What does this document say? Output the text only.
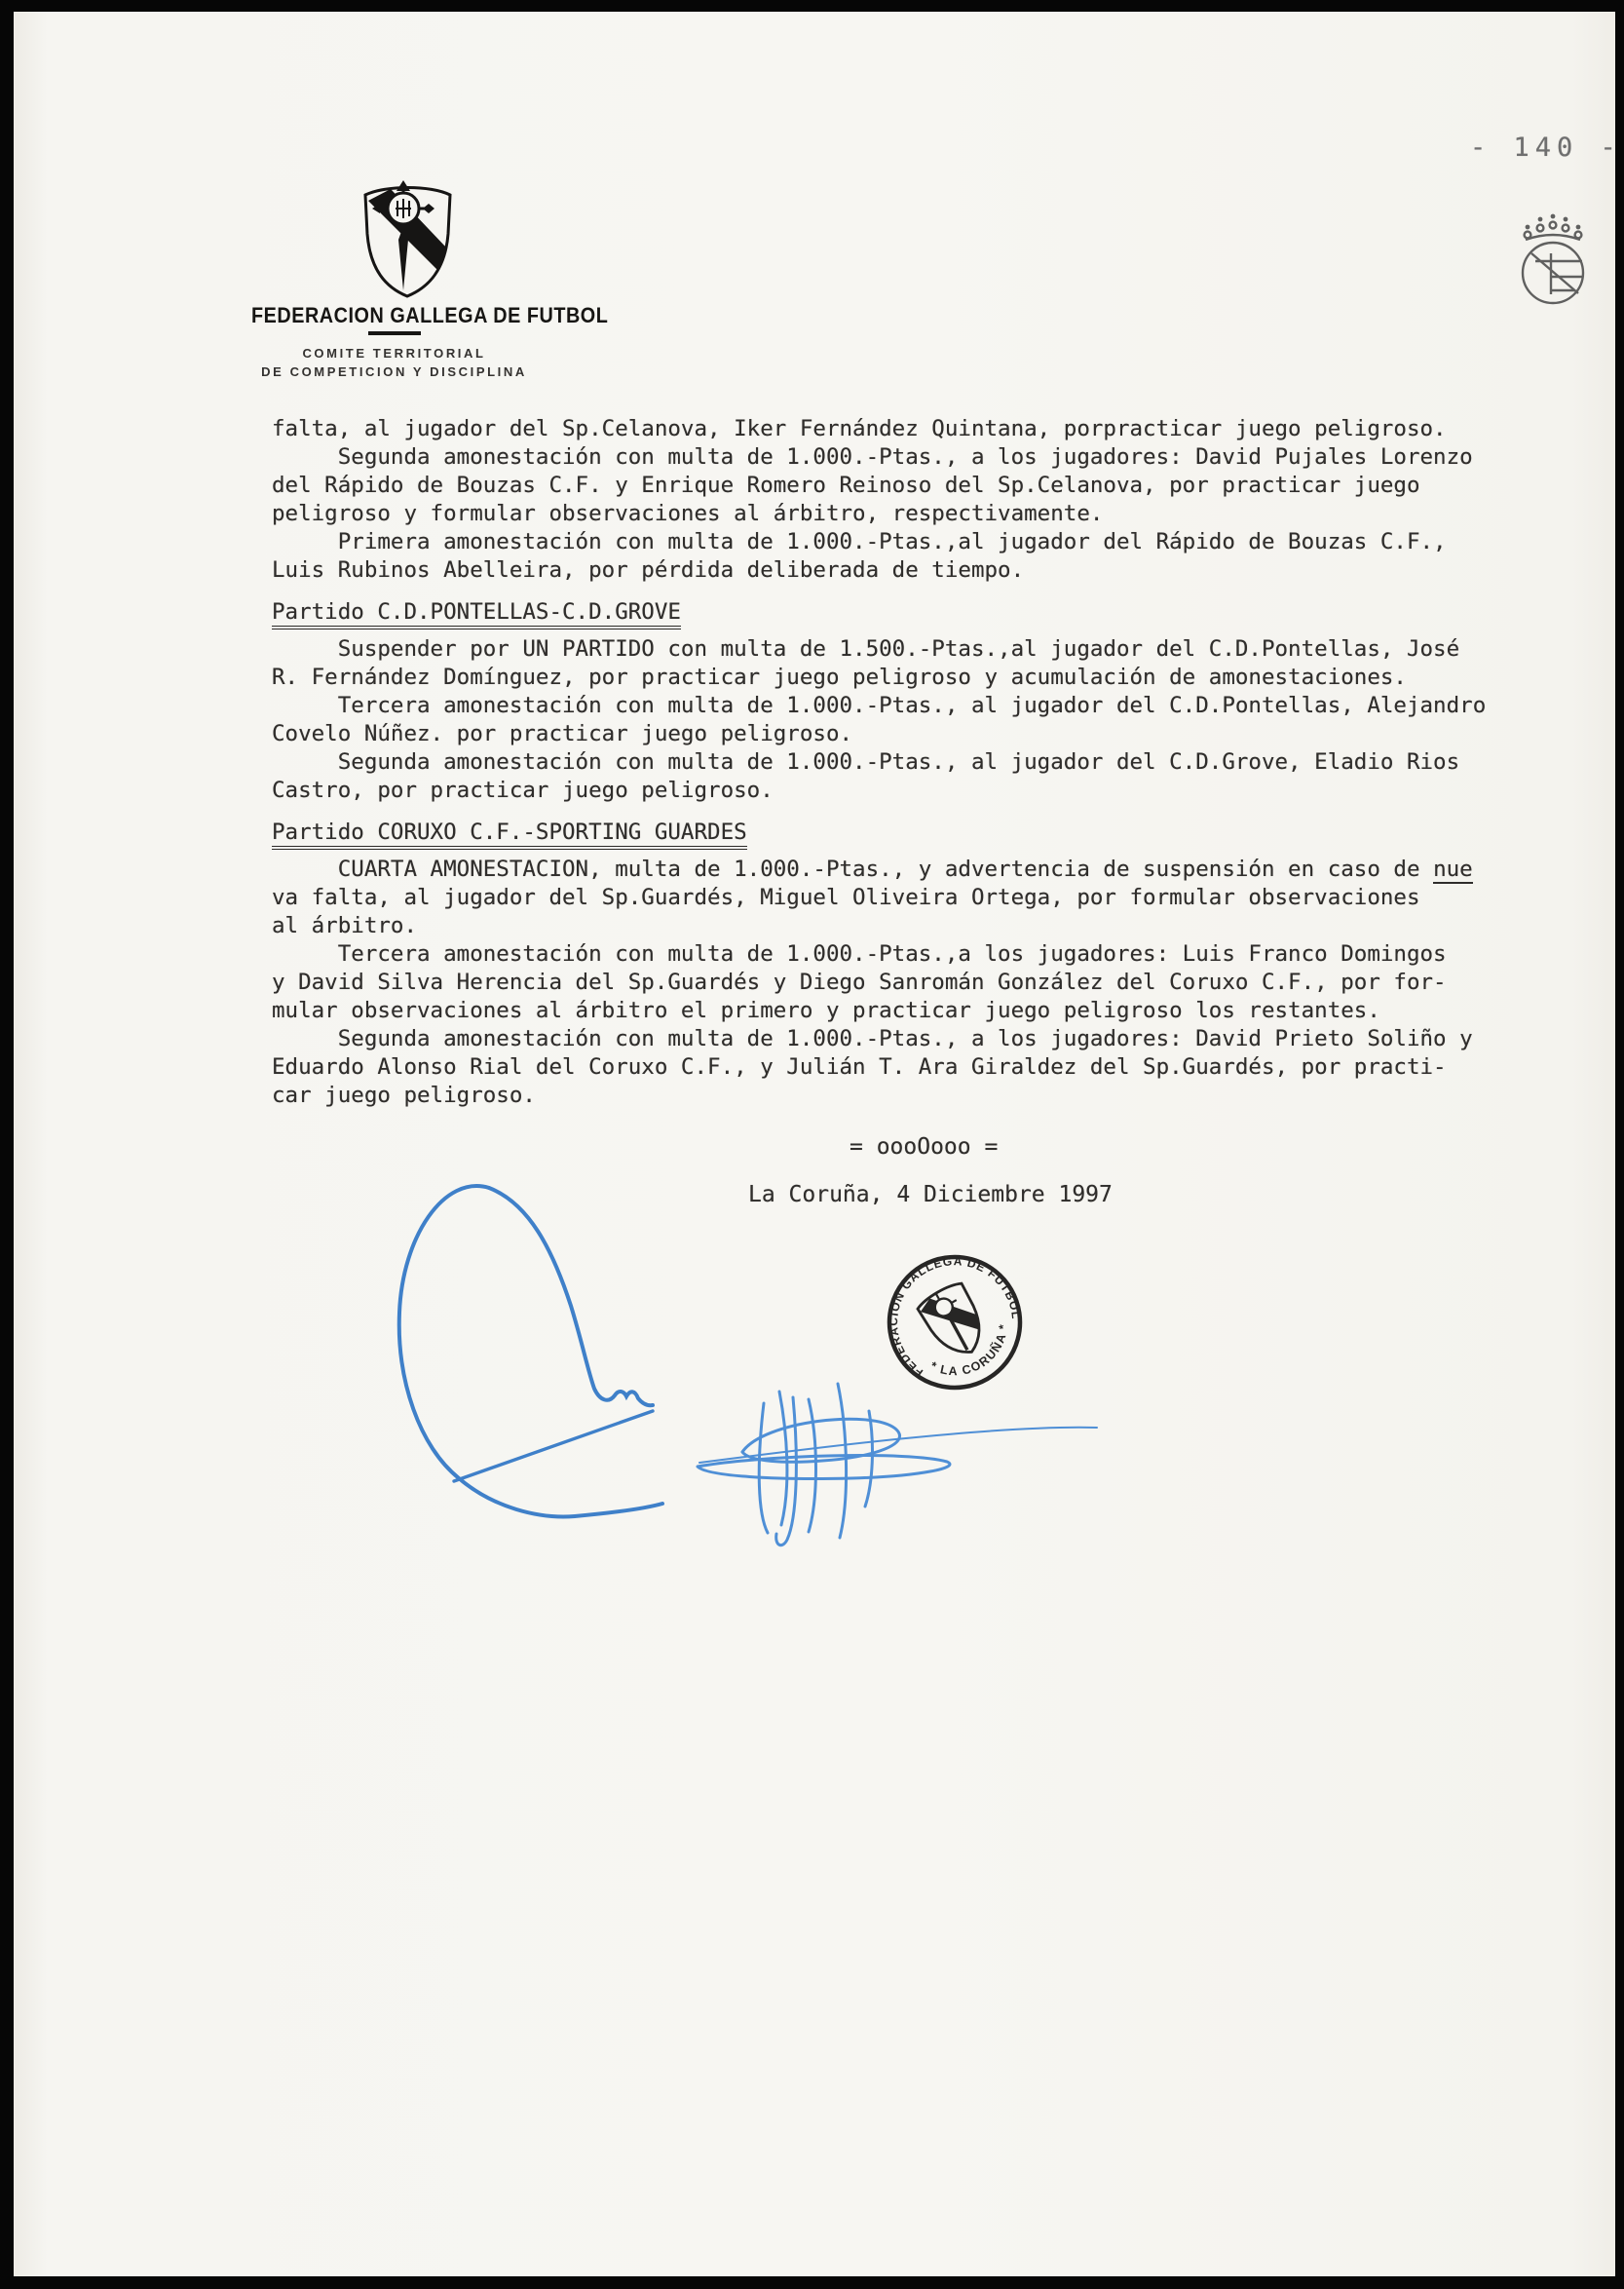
- 140 -
FEDERACION GALLEGA DE FUTBOL
COMITE TERRITORIAL
DE COMPETICION Y DISCIPLINA
falta, al jugador del Sp.Celanova, Iker Fernández Quintana, porpracticar juego peligroso.
Segunda amonestación con multa de 1.000.-Ptas., a los jugadores: David Pujales Lorenzo
del Rápido de Bouzas C.F. y Enrique Romero Reinoso del Sp.Celanova, por practicar juego
peligroso y formular observaciones al árbitro, respectivamente.
Primera amonestación con multa de 1.000.-Ptas.,al jugador del Rápido de Bouzas C.F.,
Luis Rubinos Abelleira, por pérdida deliberada de tiempo.
Partido C.D.PONTELLAS-C.D.GROVE
Suspender por UN PARTIDO con multa de 1.500.-Ptas.,al jugador del C.D.Pontellas, José
R. Fernández Domínguez, por practicar juego peligroso y acumulación de amonestaciones.
Tercera amonestación con multa de 1.000.-Ptas., al jugador del C.D.Pontellas, Alejandro
Covelo Núñez. por practicar juego peligroso.
Segunda amonestación con multa de 1.000.-Ptas., al jugador del C.D.Grove, Eladio Rios
Castro, por practicar juego peligroso.
Partido CORUXO C.F.-SPORTING GUARDES
CUARTA AMONESTACION, multa de 1.000.-Ptas., y advertencia de suspensión en caso de nue
va falta, al jugador del Sp.Guardés, Miguel Oliveira Ortega, por formular observaciones
al árbitro.
Tercera amonestación con multa de 1.000.-Ptas.,a los jugadores: Luis Franco Domingos
y David Silva Herencia del Sp.Guardés y Diego Sanromán González del Coruxo C.F., por for-
mular observaciones al árbitro el primero y practicar juego peligroso los restantes.
Segunda amonestación con multa de 1.000.-Ptas., a los jugadores: David Prieto Soliño y
Eduardo Alonso Rial del Coruxo C.F., y Julián T. Ara Giraldez del Sp.Guardés, por practi-
car juego peligroso.
= oooOooo =
La Coruña, 4 Diciembre 1997
FEDERACION GALLEGA DE FUTBOL
* LA CORUÑA *
